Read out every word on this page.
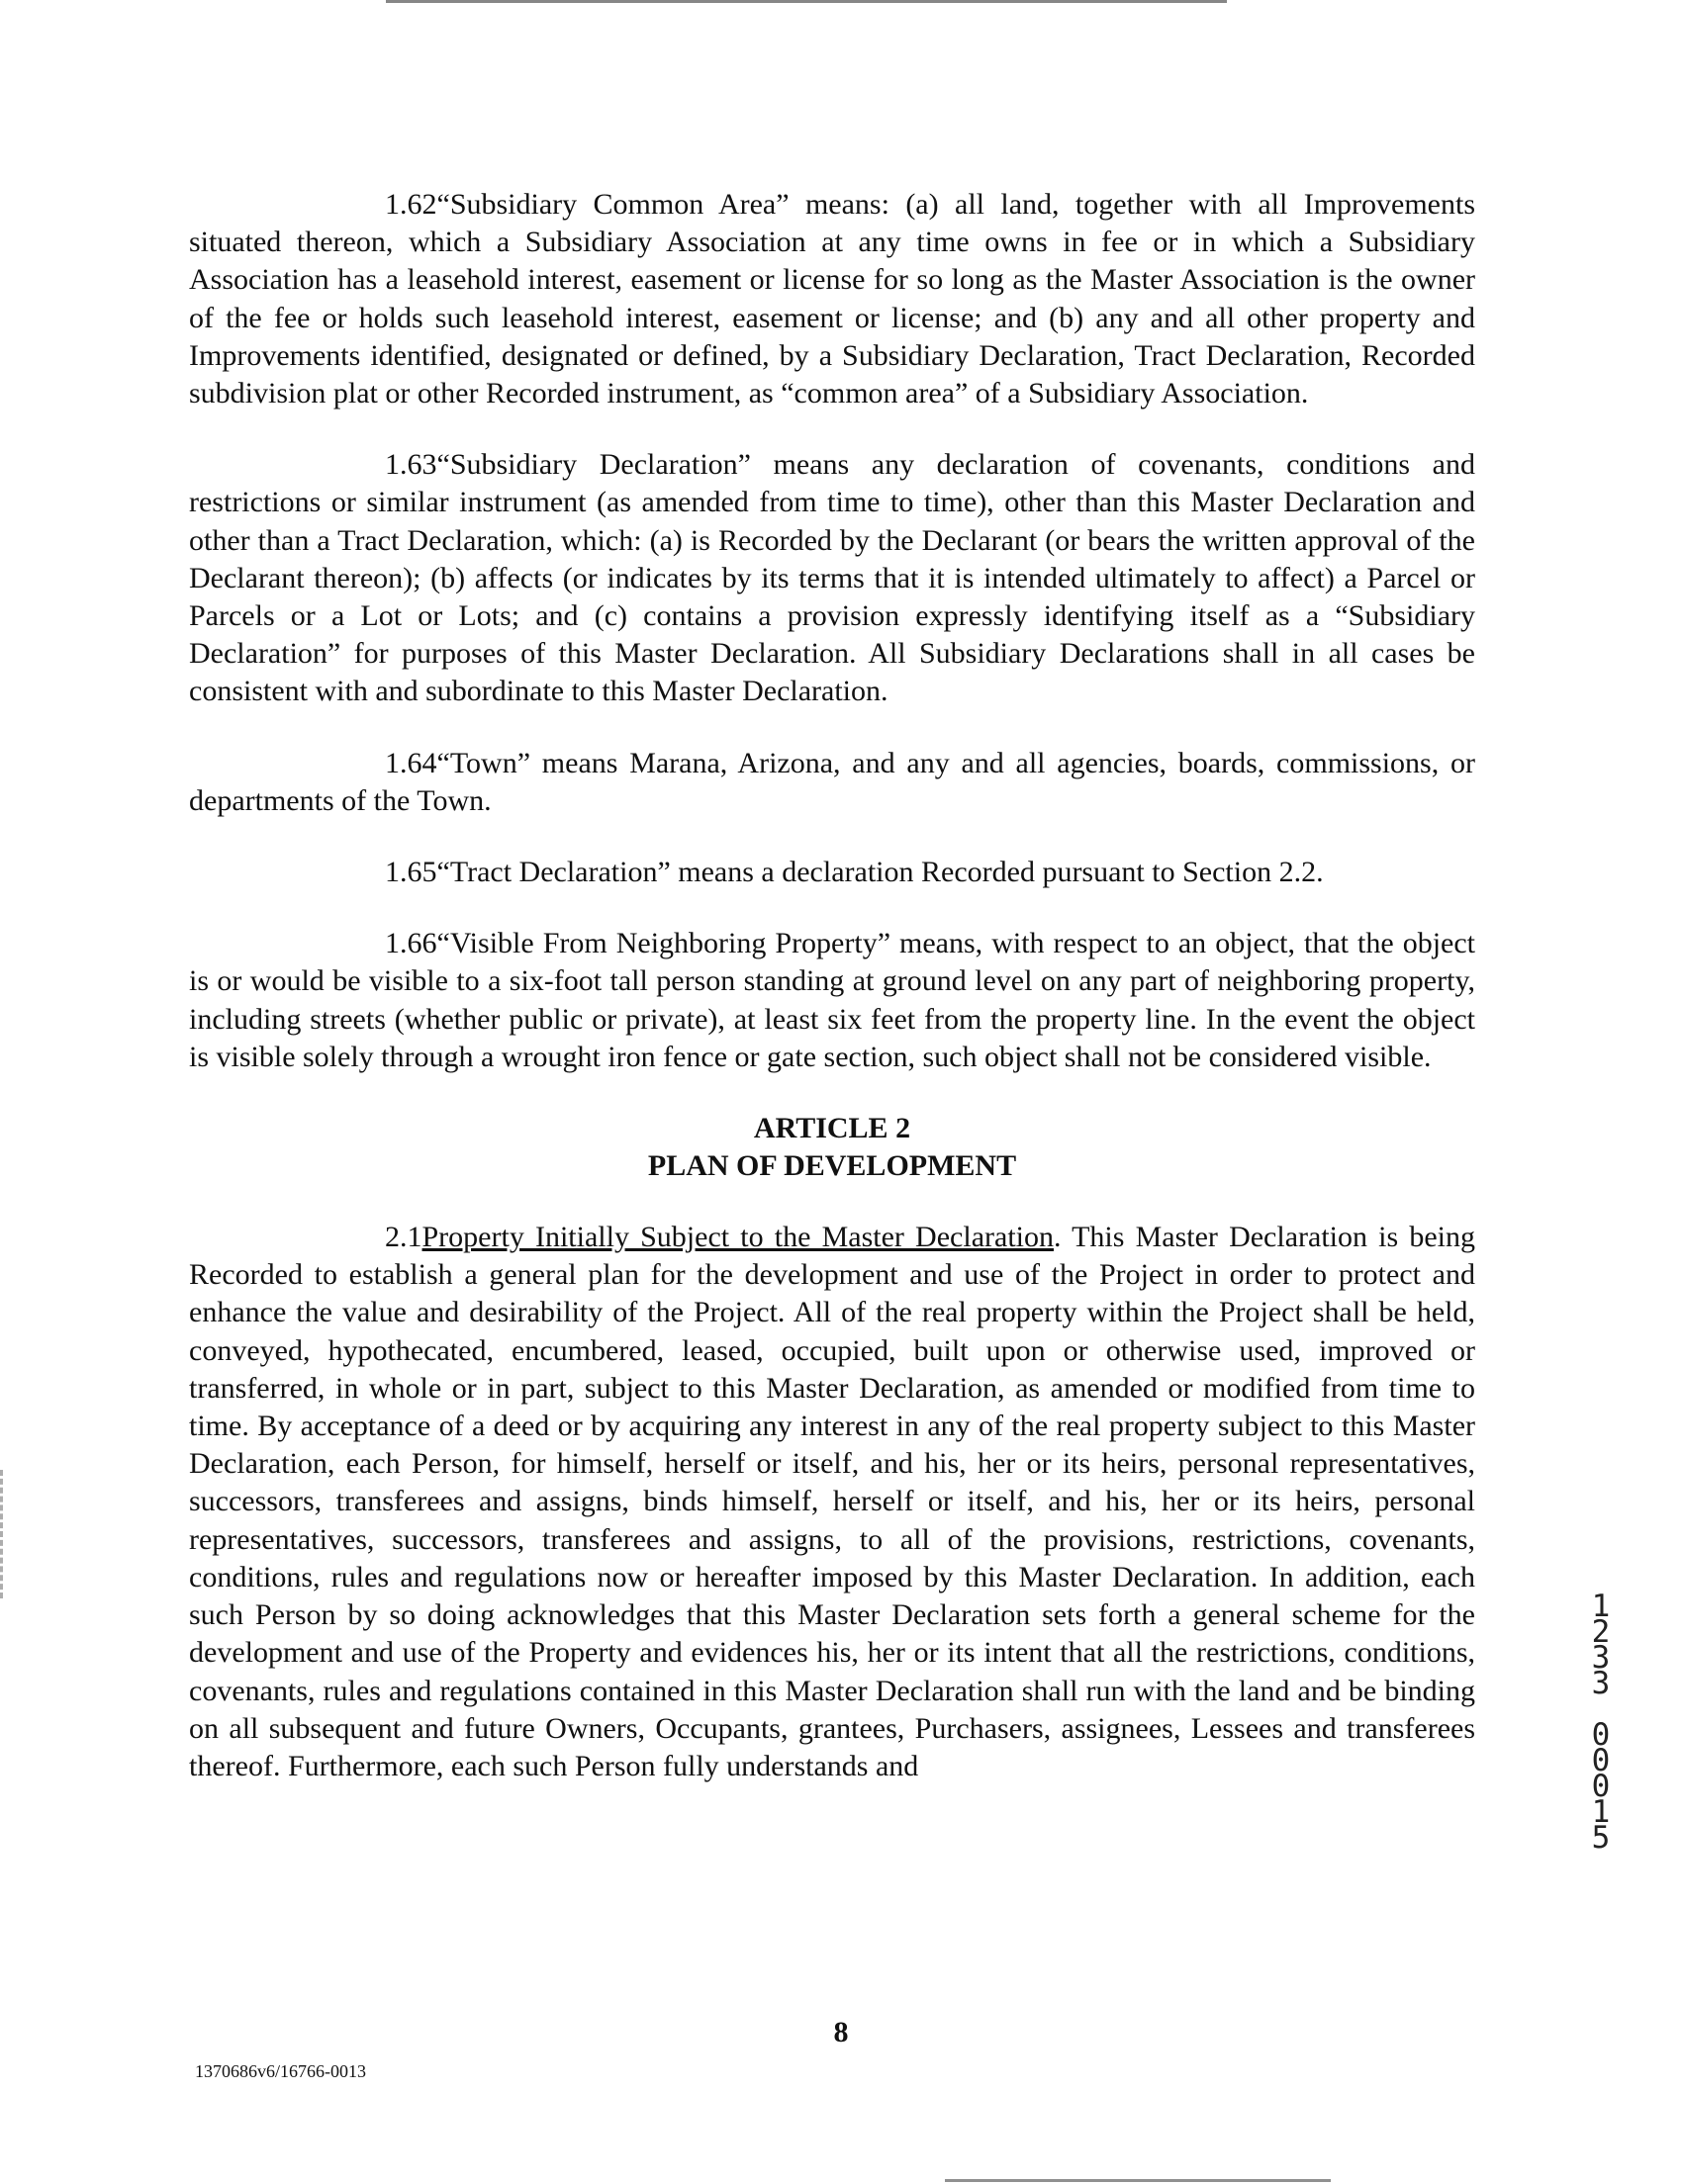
1.62“Subsidiary Common Area” means: (a) all land, together with all Improvements situated thereon, which a Subsidiary Association at any time owns in fee or in which a Subsidiary Association has a leasehold interest, easement or license for so long as the Master Association is the owner of the fee or holds such leasehold interest, easement or license; and (b) any and all other property and Improvements identified, designated or defined, by a Subsidiary Declaration, Tract Declaration, Recorded subdivision plat or other Recorded instrument, as “common area” of a Subsidiary Association.

1.63“Subsidiary Declaration” means any declaration of covenants, conditions and restrictions or similar instrument (as amended from time to time), other than this Master Declaration and other than a Tract Declaration, which: (a) is Recorded by the Declarant (or bears the written approval of the Declarant thereon); (b) affects (or indicates by its terms that it is intended ultimately to affect) a Parcel or Parcels or a Lot or Lots; and (c) contains a provision expressly identifying itself as a “Subsidiary Declaration” for purposes of this Master Declaration. All Subsidiary Declarations shall in all cases be consistent with and subordinate to this Master Declaration.

1.64“Town” means Marana, Arizona, and any and all agencies, boards, commissions, or departments of the Town.

1.65“Tract Declaration” means a declaration Recorded pursuant to Section 2.2.

1.66“Visible From Neighboring Property” means, with respect to an object, that the object is or would be visible to a six-foot tall person standing at ground level on any part of neighboring property, including streets (whether public or private), at least six feet from the property line. In the event the object is visible solely through a wrought iron fence or gate section, such object shall not be considered visible.

ARTICLE 2
PLAN OF DEVELOPMENT

2.1Property Initially Subject to the Master Declaration. This Master Declaration is being Recorded to establish a general plan for the development and use of the Project in order to protect and enhance the value and desirability of the Project. All of the real property within the Project shall be held, conveyed, hypothecated, encumbered, leased, occupied, built upon or otherwise used, improved or transferred, in whole or in part, subject to this Master Declaration, as amended or modified from time to time. By acceptance of a deed or by acquiring any interest in any of the real property subject to this Master Declaration, each Person, for himself, herself or itself, and his, her or its heirs, personal representatives, successors, transferees and assigns, binds himself, herself or itself, and his, her or its heirs, personal representatives, successors, transferees and assigns, to all of the provisions, restrictions, covenants, conditions, rules and regulations now or hereafter imposed by this Master Declaration. In addition, each such Person by so doing acknowledges that this Master Declaration sets forth a general scheme for the development and use of the Property and evidences his, her or its intent that all the restrictions, conditions, covenants, rules and regulations contained in this Master Declaration shall run with the land and be binding on all subsequent and future Owners, Occupants, grantees, Purchasers, assignees, Lessees and transferees thereof. Furthermore, each such Person fully understands and

1
2
3
3
0
0
0
1
5
8
1370686v6/16766-0013
